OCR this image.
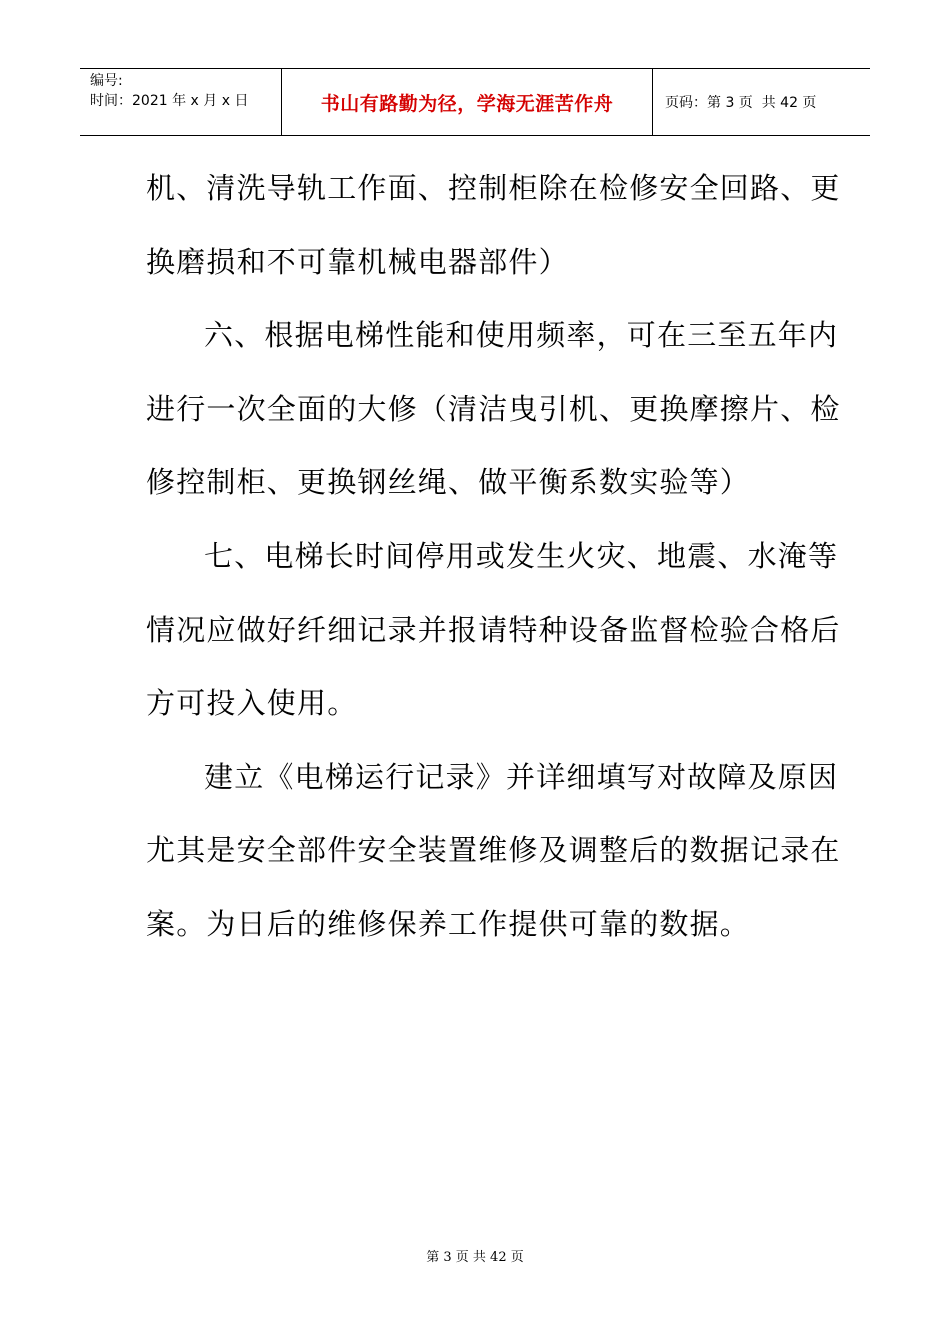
编号:
时间：2021 年 x 月 x 日	书山有路勤为径，学海无涯苦作舟	页码：第 3 页  共 42 页
机、清洗导轨工作面、控制柜除在检修安全回路、更
换磨损和不可靠机械电器部件）
六、根据电梯性能和使用频率，可在三至五年内
进行一次全面的大修（清洁曳引机、更换摩擦片、检
修控制柜、更换钢丝绳、做平衡系数实验等）
七、电梯长时间停用或发生火灾、地震、水淹等
情况应做好纤细记录并报请特种设备监督检验合格后
方可投入使用。
建立《电梯运行记录》并详细填写对故障及原因
尤其是安全部件安全装置维修及调整后的数据记录在
案。为日后的维修保养工作提供可靠的数据。
第 3 页 共 42 页
